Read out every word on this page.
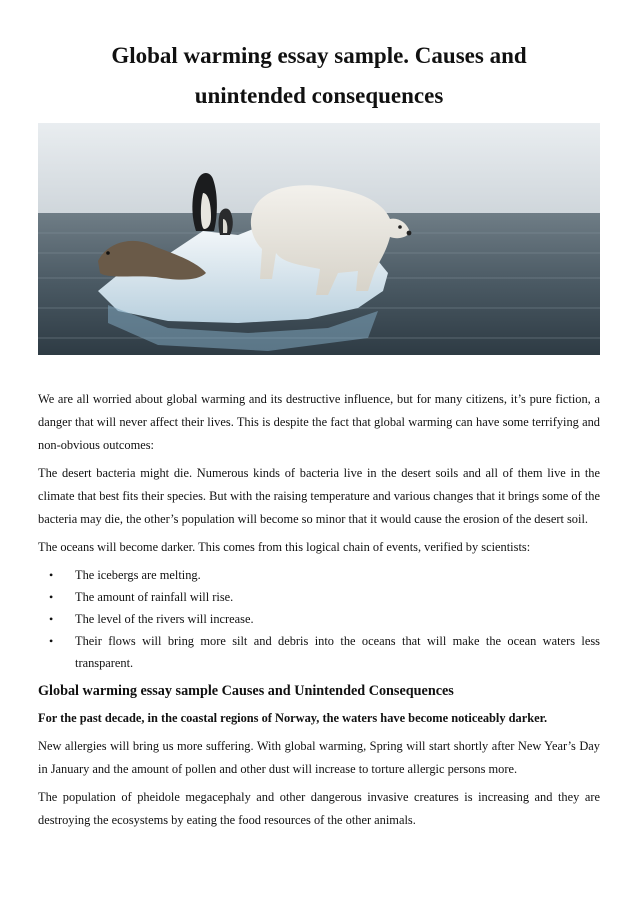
Global warming essay sample. Causes and
unintended consequences

We are all worried about global warming and its destructive influence, but for many citizens, it’s pure fiction, a danger that will never affect their lives. This is despite the fact that global warming can have some terrifying and non-obvious outcomes:

The desert bacteria might die. Numerous kinds of bacteria live in the desert soils and all of them live in the climate that best fits their species. But with the raising temperature and various changes that it brings some of the bacteria may die, the other’s population will become so minor that it would cause the erosion of the desert soil.

The oceans will become darker. This comes from this logical chain of events, verified by scientists:

• The icebergs are melting.
• The amount of rainfall will rise.
• The level of the rivers will increase.
• Their flows will bring more silt and debris into the oceans that will make the ocean waters less transparent.
Global warming essay sample Causes and Unintended Consequences

For the past decade, in the coastal regions of Norway, the waters have become noticeably darker.

New allergies will bring us more suffering. With global warming, Spring will start shortly after New Year’s Day in January and the amount of pollen and other dust will increase to torture allergic persons more.

The population of pheidole megacephaly and other dangerous invasive creatures is increasing and they are destroying the ecosystems by eating the food resources of the other animals.
